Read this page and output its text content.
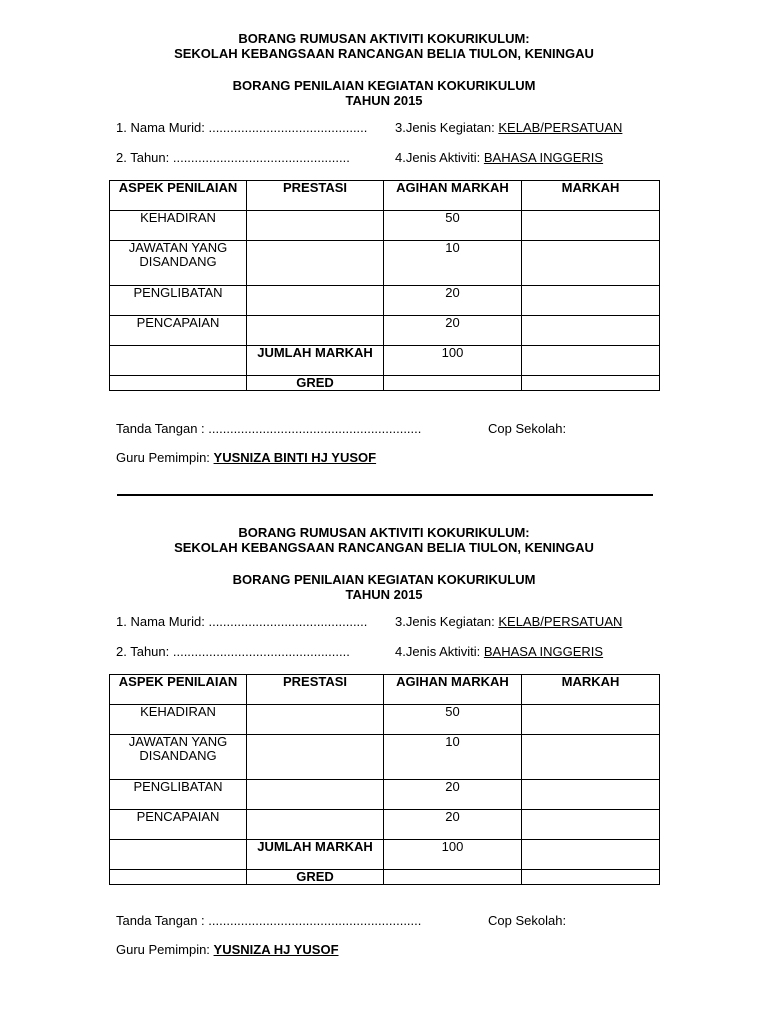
BORANG RUMUSAN AKTIVITI KOKURIKULUM:
SEKOLAH KEBANGSAAN RANCANGAN BELIA TIULON, KENINGAU
BORANG PENILAIAN KEGIATAN KOKURIKULUM
TAHUN 2015
1. Nama Murid: ............................................ 3.Jenis Kegiatan: KELAB/PERSATUAN
2. Tahun: .................................................	4.Jenis Aktiviti: BAHASA INGGERIS
ASPEK PENILAIAN	PRESTASI	AGIHAN MARKAH	MARKAH
KEHADIRAN		50	
JAWATAN YANG DISANDANG		10	
PENGLIBATAN		20	
PENCAPAIAN		20	
	JUMLAH MARKAH	100	
	GRED		
Tanda Tangan : ...........................................................	Cop Sekolah:
Guru Pemimpin: YUSNIZA BINTI HJ YUSOF
BORANG RUMUSAN AKTIVITI KOKURIKULUM:
SEKOLAH KEBANGSAAN RANCANGAN BELIA TIULON, KENINGAU
BORANG PENILAIAN KEGIATAN KOKURIKULUM
TAHUN 2015
1. Nama Murid: ............................................ 3.Jenis Kegiatan: KELAB/PERSATUAN
2. Tahun: .................................................	4.Jenis Aktiviti: BAHASA INGGERIS
ASPEK PENILAIAN	PRESTASI	AGIHAN MARKAH	MARKAH
KEHADIRAN		50	
JAWATAN YANG DISANDANG		10	
PENGLIBATAN		20	
PENCAPAIAN		20	
	JUMLAH MARKAH	100	
	GRED		
Tanda Tangan : ...........................................................	Cop Sekolah:
Guru Pemimpin: YUSNIZA HJ YUSOF
